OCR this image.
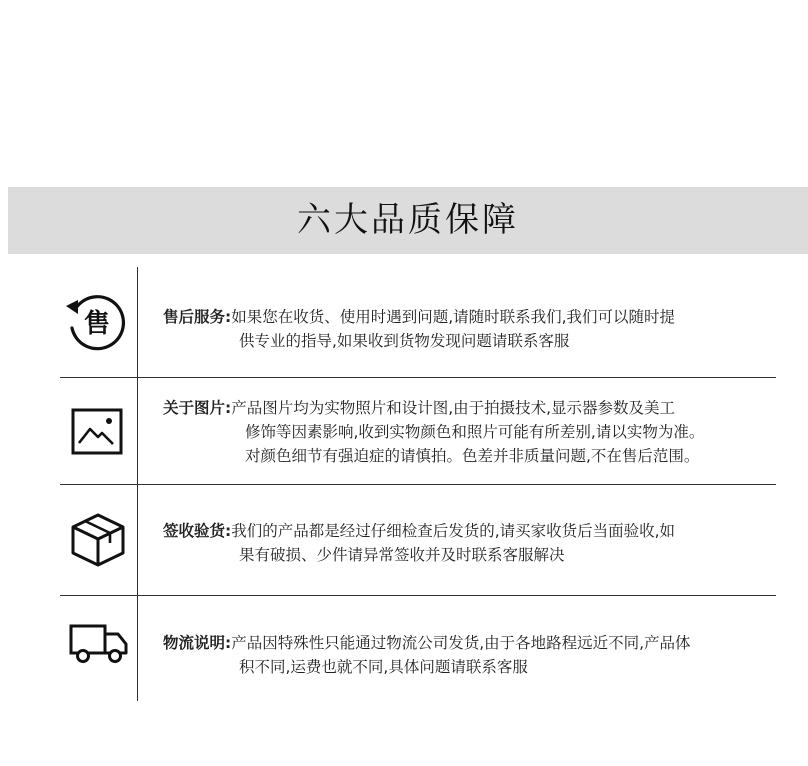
六大品质保障
售	售后服务:如果您在收货、使用时遇到问题,请随时联系我们,我们可以随时提
供专业的指导,如果收到货物发现问题请联系客服
关于图片:产品图片均为实物照片和设计图,由于拍摄技术,显示器参数及美工
修饰等因素影响,收到实物颜色和照片可能有所差别,请以实物为准。
对颜色细节有强迫症的请慎拍。色差并非质量问题,不在售后范围。
签收验货:我们的产品都是经过仔细检查后发货的,请买家收货后当面验收,如
果有破损、少件请异常签收并及时联系客服解决
物流说明:产品因特殊性只能通过物流公司发货,由于各地路程远近不同,产品体
积不同,运费也就不同,具体问题请联系客服
